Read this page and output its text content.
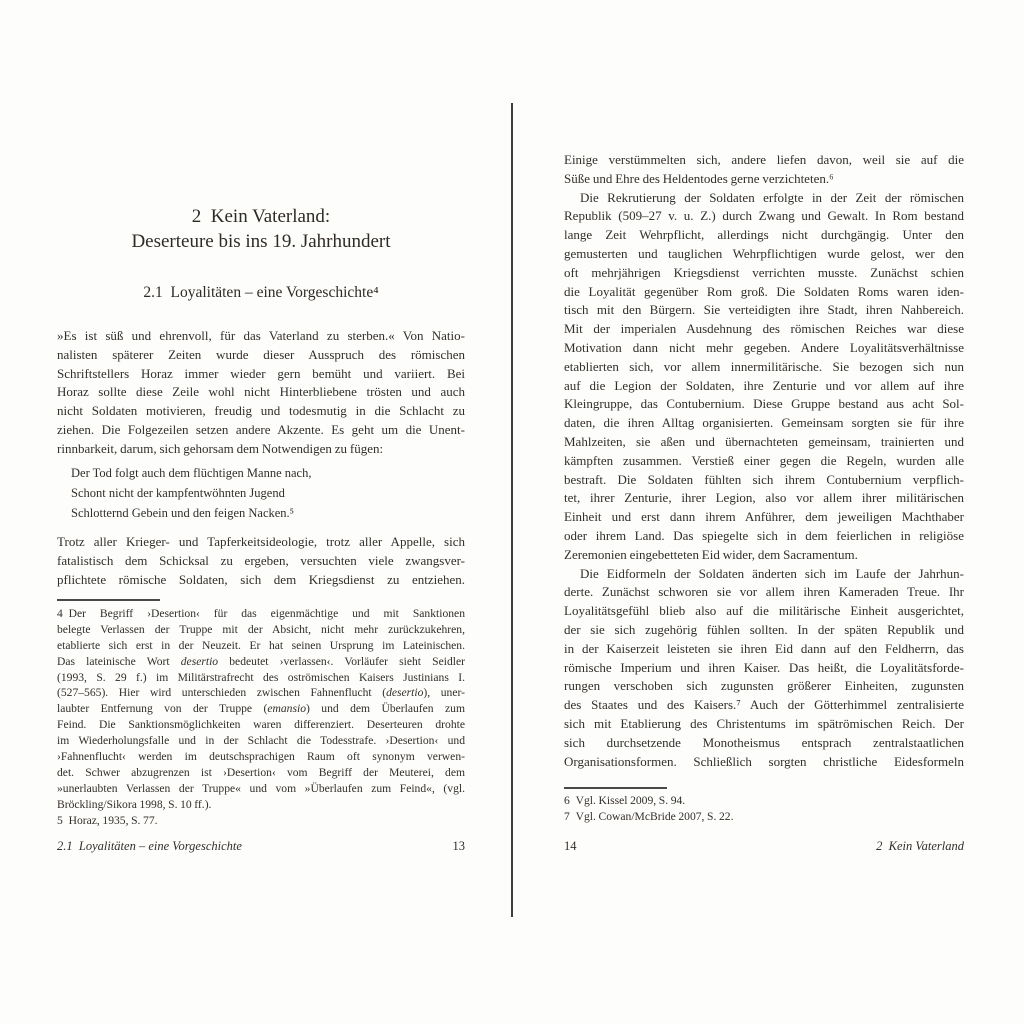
2 Kein Vaterland:
Deserteure bis ins 19. Jahrhundert
2.1 Loyalitäten – eine Vorgeschichte⁴
»Es ist süß und ehrenvoll, für das Vaterland zu sterben.« Von Natio-
nalisten späterer Zeiten wurde dieser Ausspruch des römischen
Schriftstellers Horaz immer wieder gern bemüht und variiert. Bei
Horaz sollte diese Zeile wohl nicht Hinterbliebene trösten und auch
nicht Soldaten motivieren, freudig und todesmutig in die Schlacht zu
ziehen. Die Folgezeilen setzen andere Akzente. Es geht um die Unent-
rinnbarkeit, darum, sich gehorsam dem Notwendigen zu fügen:
Der Tod folgt auch dem flüchtigen Manne nach,
Schont nicht der kampfentwöhnten Jugend
Schlotternd Gebein und den feigen Nacken.⁵
Trotz aller Krieger- und Tapferkeitsideologie, trotz aller Appelle, sich
fatalistisch dem Schicksal zu ergeben, versuchten viele zwangsver-
pflichtete römische Soldaten, sich dem Kriegsdienst zu entziehen.
4 Der Begriff ›Desertion‹ für das eigenmächtige und mit Sanktionen
belegte Verlassen der Truppe mit der Absicht, nicht mehr zurückzukehren,
etablierte sich erst in der Neuzeit. Er hat seinen Ursprung im Lateinischen.
Das lateinische Wort desertio bedeutet ›verlassen‹. Vorläufer sieht Seidler
(1993, S. 29 f.) im Militärstrafrecht des oströmischen Kaisers Justinians I.
(527–565). Hier wird unterschieden zwischen Fahnenflucht (desertio), uner-
laubter Entfernung von der Truppe (emansio) und dem Überlaufen zum
Feind. Die Sanktionsmöglichkeiten waren differenziert. Deserteuren drohte
im Wiederholungsfalle und in der Schlacht die Todesstrafe. ›Desertion‹ und
›Fahnenflucht‹ werden im deutschsprachigen Raum oft synonym verwen-
det. Schwer abzugrenzen ist ›Desertion‹ vom Begriff der Meuterei, dem
»unerlaubten Verlassen der Truppe« und vom »Überlaufen zum Feind«, (vgl.
Bröckling/Sikora 1998, S. 10 ff.).
5 Horaz, 1935, S. 77.
2.1 Loyalitäten – eine Vorgeschichte	13
Einige verstümmelten sich, andere liefen davon, weil sie auf die
Süße und Ehre des Heldentodes gerne verzichteten.⁶
Die Rekrutierung der Soldaten erfolgte in der Zeit der römischen
Republik (509–27 v. u. Z.) durch Zwang und Gewalt. In Rom bestand
lange Zeit Wehrpflicht, allerdings nicht durchgängig. Unter den
gemusterten und tauglichen Wehrpflichtigen wurde gelost, wer den
oft mehrjährigen Kriegsdienst verrichten musste. Zunächst schien
die Loyalität gegenüber Rom groß. Die Soldaten Roms waren iden-
tisch mit den Bürgern. Sie verteidigten ihre Stadt, ihren Nahbereich.
Mit der imperialen Ausdehnung des römischen Reiches war diese
Motivation dann nicht mehr gegeben. Andere Loyalitätsverhältnisse
etablierten sich, vor allem innermilitärische. Sie bezogen sich nun
auf die Legion der Soldaten, ihre Zenturie und vor allem auf ihre
Kleingruppe, das Contubernium. Diese Gruppe bestand aus acht Sol-
daten, die ihren Alltag organisierten. Gemeinsam sorgten sie für ihre
Mahlzeiten, sie aßen und übernachteten gemeinsam, trainierten und
kämpften zusammen. Verstieß einer gegen die Regeln, wurden alle
bestraft. Die Soldaten fühlten sich ihrem Contubernium verpflich-
tet, ihrer Zenturie, ihrer Legion, also vor allem ihrer militärischen
Einheit und erst dann ihrem Anführer, dem jeweiligen Machthaber
oder ihrem Land. Das spiegelte sich in dem feierlichen in religiöse
Zeremonien eingebetteten Eid wider, dem Sacramentum.
Die Eidformeln der Soldaten änderten sich im Laufe der Jahrhun-
derte. Zunächst schworen sie vor allem ihren Kameraden Treue. Ihr
Loyalitätsgefühl blieb also auf die militärische Einheit ausgerichtet,
der sie sich zugehörig fühlen sollten. In der späten Republik und
in der Kaiserzeit leisteten sie ihren Eid dann auf den Feldherrn, das
römische Imperium und ihren Kaiser. Das heißt, die Loyalitätsforde-
rungen verschoben sich zugunsten größerer Einheiten, zugunsten
des Staates und des Kaisers.⁷ Auch der Götterhimmel zentralisierte
sich mit Etablierung des Christentums im spätrömischen Reich. Der
sich durchsetzende Monotheismus entsprach zentralstaatlichen
Organisationsformen. Schließlich sorgten christliche Eidesformeln
6 Vgl. Kissel 2009, S. 94.
7 Vgl. Cowan/McBride 2007, S. 22.
14	2 Kein Vaterland
